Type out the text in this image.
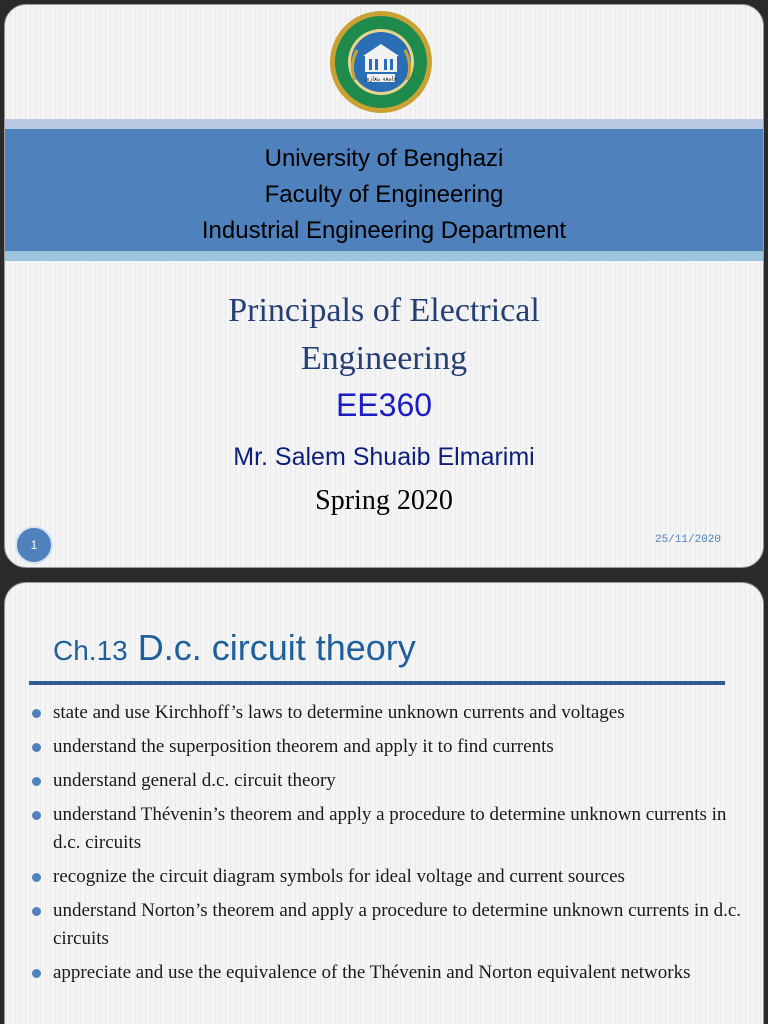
جامعة بنغازي
University of Benghazi
Faculty of Engineering
Industrial Engineering Department
Principals of Electrical
Engineering
EE360
Mr. Salem Shuaib Elmarimi
Spring 2020
1	25/11/2020
Ch.13 D.c. circuit theory
state and use Kirchhoff’s laws to determine unknown currents and voltages
understand the superposition theorem and apply it to find currents
understand general d.c. circuit theory
understand Thévenin’s theorem and apply a procedure to determine unknown currents in d.c. circuits
recognize the circuit diagram symbols for ideal voltage and current sources
understand Norton’s theorem and apply a procedure to determine unknown currents in d.c. circuits
appreciate and use the equivalence of the Thévenin and Norton equivalent networks
